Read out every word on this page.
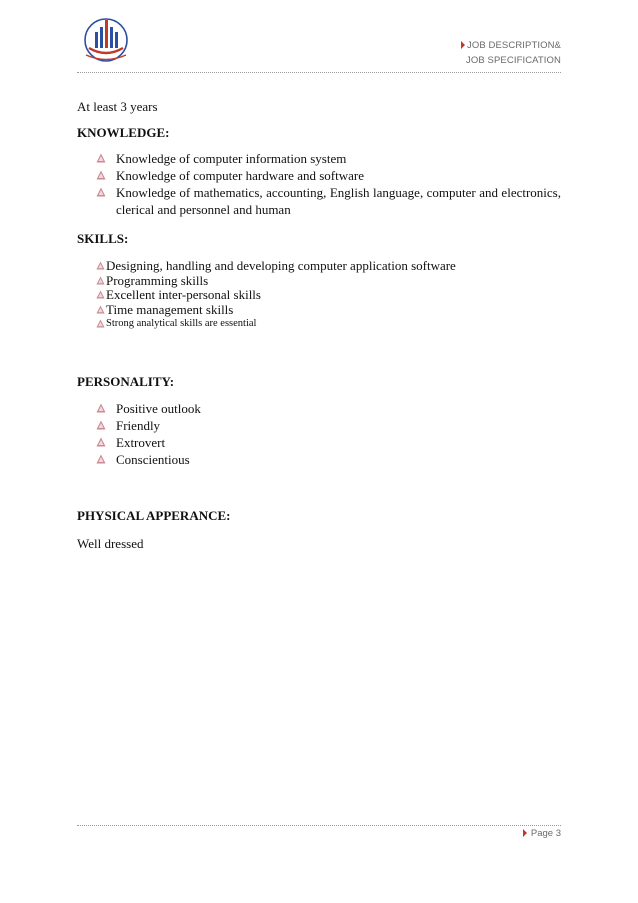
JOB DESCRIPTION&
JOB SPECIFICATION
At least 3 years
KNOWLEDGE:
Knowledge of computer information system
Knowledge of computer hardware and software
Knowledge of mathematics, accounting, English language, computer and electronics, clerical and personnel and human
SKILLS:
Designing, handling and developing computer application software
Programming skills
Excellent inter-personal skills
Time management skills
Strong analytical skills are essential
PERSONALITY:
Positive outlook
Friendly
Extrovert
Conscientious
PHYSICAL APPERANCE:
Well dressed
Page 3
